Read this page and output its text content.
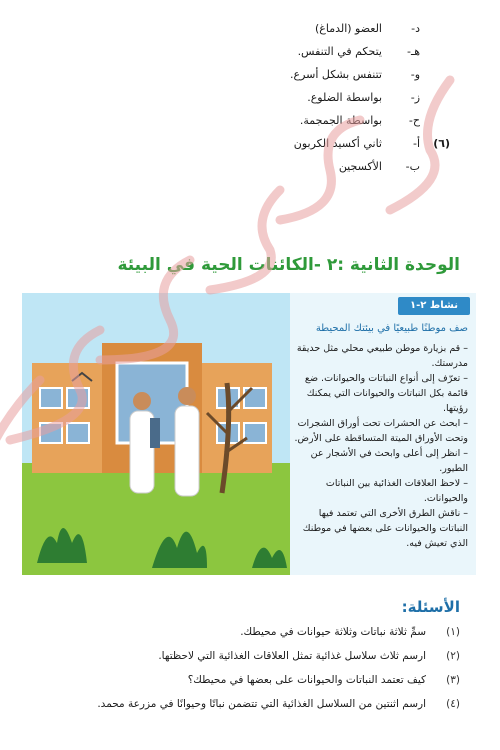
د-
العضو (الدماغ)
هـ-
يتحكم في التنفس.
و-
تتنفس بشكل أسرع.
ز-
بواسطة الضلوع.
ح-
بواسطة الجمجمة.
(٦)
أ-
ثاني أكسيد الكربون
ب-
الأكسجين
الوحدة الثانية :٢ -الكائنات الحية في البيئة
نشاط ٢-١
صف موطنًا طبيعيًا في بيئتك المحيطة
– قم بزيارة موطن طبيعي محلي مثل حديقة مدرستك.
– تعرّف إلى أنواع النباتات والحيوانات. ضع قائمة بكل النباتات والحيوانات التي يمكنك رؤيتها.
– ابحث عن الحشرات تحت أوراق الشجرات وتحت الأوراق الميتة المتساقطة على الأرض.
– انظر إلى أعلى وابحث في الأشجار عن الطيور.
– لاحظ العلاقات الغذائية بين النباتات والحيوانات.
– ناقش الطرق الأخرى التي تعتمد فيها النباتات والحيوانات على بعضها في موطنك الذي تعيش فيه.
الأسئلة:
(١)
سمِّ ثلاثة نباتات وثلاثة حيوانات في محيطك.
(٢)
ارسم ثلاث سلاسل غذائية تمثل العلاقات الغذائية التي لاحظتها.
(٣)
كيف تعتمد النباتات والحيوانات على بعضها في محيطك؟
(٤)
ارسم اثنتين من السلاسل الغذائية التي تتضمن نباتًا وحيوانًا في مزرعة محمد.
